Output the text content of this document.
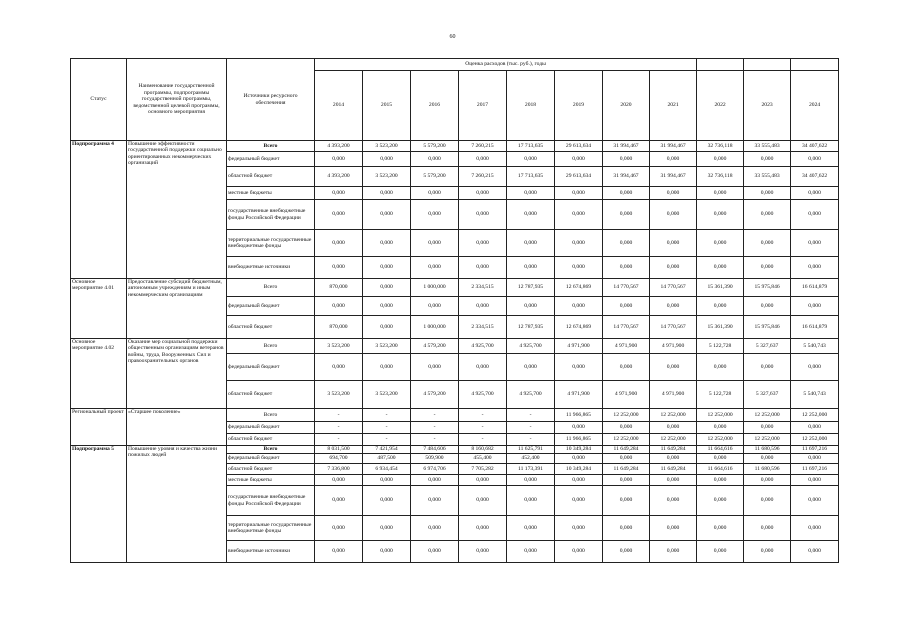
60
Статус	Наименование государственной программы, подпрограммы государственной программы, ведомственной целевой программы, основного мероприятия	Источники ресурсного обеспечения	Оценка расходов (тыс. руб.), годы										
			2014	2015	2016	2017	2018	2019	2020	2021	2022	2023	2024
Подпрограмма 4	Повышение эффективности государственной поддержки социально ориентированных некоммерческих организаций	Всего	4 393,200	3 523,200	5 579,200	7 260,215	17 713,635	29 613,634	31 994,467	31 994,467	32 736,118	33 555,483	34 407,622
		федеральный бюджет	0,000	0,000	0,000	0,000	0,000	0,000	0,000	0,000	0,000	0,000	0,000
		областной бюджет	4 393,200	3 523,200	5 579,200	7 260,215	17 713,635	29 613,634	31 994,467	31 994,467	32 736,118	33 555,483	34 407,622
		местные бюджеты	0,000	0,000	0,000	0,000	0,000	0,000	0,000	0,000	0,000	0,000	0,000
		государственные внебюджетные фонды Российской Федерации	0,000	0,000	0,000	0,000	0,000	0,000	0,000	0,000	0,000	0,000	0,000
		территориальные государственные внебюджетные фонды	0,000	0,000	0,000	0,000	0,000	0,000	0,000	0,000	0,000	0,000	0,000
		внебюджетные источники	0,000	0,000	0,000	0,000	0,000	0,000	0,000	0,000	0,000	0,000	0,000
Основное мероприятие 4.01	Предоставление субсидий бюджетным, автономным учреждениям и иным некоммерческим организациям	Всего	870,000	0,000	1 000,000	2 334,515	12 787,935	12 674,869	14 770,567	14 770,567	15 361,390	15 975,846	16 614,879
		федеральный бюджет	0,000	0,000	0,000	0,000	0,000	0,000	0,000	0,000	0,000	0,000	0,000
		областной бюджет	870,000	0,000	1 000,000	2 334,515	12 787,935	12 674,869	14 770,567	14 770,567	15 361,390	15 975,846	16 614,879
Основное мероприятие 4.02	Оказание мер социальной поддержки общественным организациям ветеранов войны, труда, Вооруженных Сил и правоохранительных органов	Всего	3 523,200	3 523,200	4 579,200	4 925,700	4 925,700	4 971,900	4 971,900	4 971,900	5 122,728	5 327,637	5 540,743
		федеральный бюджет	0,000	0,000	0,000	0,000	0,000	0,000	0,000	0,000	0,000	0,000	0,000
		областной бюджет	3 523,200	3 523,200	4 579,200	4 925,700	4 925,700	4 971,900	4 971,900	4 971,900	5 122,728	5 327,637	5 540,743
Региональный проект	«Старшее поколение»	Всего	-	-	-	-	-	11 966,865	12 252,000	12 252,000	12 252,000	12 252,000	12 252,000
		федеральный бюджет	-	-	-	-	-	0,000	0,000	0,000	0,000	0,000	0,000
		областной бюджет	-	-	-	-	-	11 966,865	12 252,000	12 252,000	12 252,000	12 252,000	12 252,000
Подпрограмма 5	Повышение уровня и качества жизни пожилых людей	Всего	8 031,500	7 421,954	7 484,606	8 160,682	11 625,791	10 349,284	11 649,284	11 649,284	11 664,616	11 680,596	11 697,216
		федеральный бюджет	694,700	487,500	509,900	455,400	452,400	0,000	0,000	0,000	0,000	0,000	0,000
		областной бюджет	7 336,800	6 934,454	6 974,706	7 705,282	11 173,391	10 349,284	11 649,284	11 649,284	11 664,616	11 680,596	11 697,216
		местные бюджеты	0,000	0,000	0,000	0,000	0,000	0,000	0,000	0,000	0,000	0,000	0,000
		государственные внебюджетные фонды Российской Федерации	0,000	0,000	0,000	0,000	0,000	0,000	0,000	0,000	0,000	0,000	0,000
		территориальные государственные внебюджетные фонды	0,000	0,000	0,000	0,000	0,000	0,000	0,000	0,000	0,000	0,000	0,000
		внебюджетные источники	0,000	0,000	0,000	0,000	0,000	0,000	0,000	0,000	0,000	0,000	0,000
